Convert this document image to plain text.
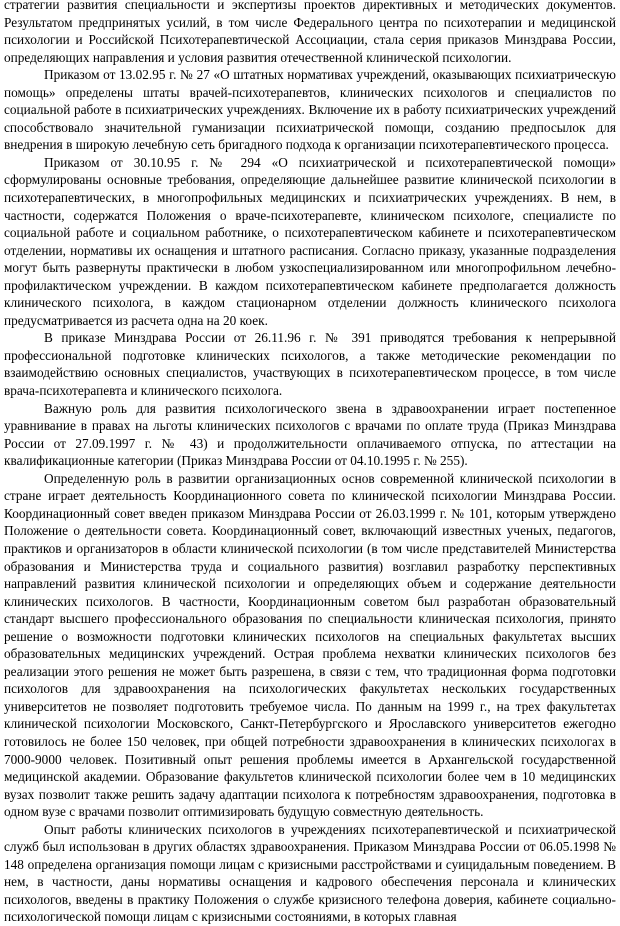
стратегии развития специальности и экспертизы проектов директивных и методических документов. Результатом предпринятых усилий, в том числе Федерального центра по психотерапии и медицинской психологии и Российской Психотерапевтической Ассоциации, стала серия приказов Минздрава России, определяющих направления и условия развития отечественной клинической психологии.

Приказом от 13.02.95 г. № 27 «О штатных нормативах учреждений, оказывающих психиатрическую помощь» определены штаты врачей-психотерапевтов, клинических психологов и специалистов по социальной работе в психиатрических учреждениях. Включение их в работу психиатрических учреждений способствовало значительной гуманизации психиатрической помощи, созданию предпосылок для внедрения в широкую лечебную сеть бригадного подхода к организации психотерапевтического процесса.

Приказом от 30.10.95 г. № 294 «О психиатрической и психотерапевтической помощи» сформулированы основные требования, определяющие дальнейшее развитие клинической психологии в психотерапевтических, в многопрофильных медицинских и психиатрических учреждениях. В нем, в частности, содержатся Положения о враче-психотерапевте, клиническом психологе, специалисте по социальной работе и социальном работнике, о психотерапевтическом кабинете и психотерапевтическом отделении, нормативы их оснащения и штатного расписания. Согласно приказу, указанные подразделения могут быть развернуты практически в любом узкоспециализированном или многопрофильном лечебно-профилактическом учреждении. В каждом психотерапевтическом кабинете предполагается должность клинического психолога, в каждом стационарном отделении должность клинического психолога предусматривается из расчета одна на 20 коек.

В приказе Минздрава России от 26.11.96 г. № 391 приводятся требования к непрерывной профессиональной подготовке клинических психологов, а также методические рекомендации по взаимодействию основных специалистов, участвующих в психотерапевтическом процессе, в том числе врача-психотерапевта и клинического психолога.

Важную роль для развития психологического звена в здравоохранении играет постепенное уравнивание в правах на льготы клинических психологов с врачами по оплате труда (Приказ Минздрава России от 27.09.1997 г. № 43) и продолжительности оплачиваемого отпуска, по аттестации на квалификационные категории (Приказ Минздрава России от 04.10.1995 г. № 255).

Определенную роль в развитии организационных основ современной клинической психологии в стране играет деятельность Координационного совета по клинической психологии Минздрава России. Координационный совет введен приказом Минздрава России от 26.03.1999 г. № 101, которым утверждено Положение о деятельности совета. Координационный совет, включающий известных ученых, педагогов, практиков и организаторов в области клинической психологии (в том числе представителей Министерства образования и Министерства труда и социального развития) возглавил разработку перспективных направлений развития клинической психологии и определяющих объем и содержание деятельности клинических психологов. В частности, Координационным советом был разработан образовательный стандарт высшего профессионального образования по специальности клиническая психология, принято решение о возможности подготовки клинических психологов на специальных факультетах высших образовательных медицинских учреждений. Острая проблема нехватки клинических психологов без реализации этого решения не может быть разрешена, в связи с тем, что традиционная форма подготовки психологов для здравоохранения на психологических факультетах нескольких государственных университетов не позволяет подготовить требуемое числа. По данным на 1999 г., на трех факультетах клинической психологии Московского, Санкт-Петербургского и Ярославского университетов ежегодно готовилось не более 150 человек, при общей потребности здравоохранения в клинических психологах в 7000-9000 человек. Позитивный опыт решения проблемы имеется в Архангельской государственной медицинской академии. Образование факультетов клинической психологии более чем в 10 медицинских вузах позволит также решить задачу адаптации психолога к потребностям здравоохранения, подготовка в одном вузе с врачами позволит оптимизировать будущую совместную деятельность.

Опыт работы клинических психологов в учреждениях психотерапевтической и психиатрической служб был использован в других областях здравоохранения. Приказом Минздрава России от 06.05.1998 № 148 определена организация помощи лицам с кризисными расстройствами и суицидальным поведением. В нем, в частности, даны нормативы оснащения и кадрового обеспечения персонала и клинических психологов, введены в практику Положения о службе кризисного телефона доверия, кабинете социально-психологической помощи лицам с кризисными состояниями, в которых главная
